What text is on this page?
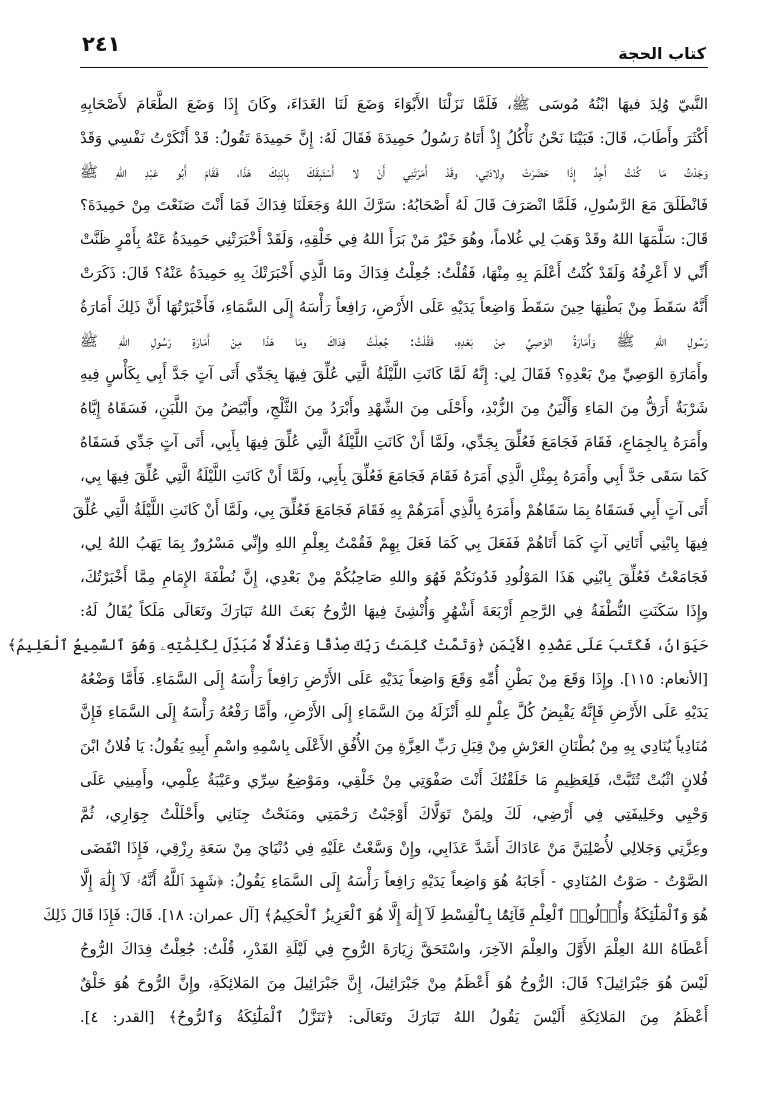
٢٤١	كتاب الحجة
النَّبيّ وُلِدَ فيهَا ابْنُهُ مُوسَى ﷺ، فَلَمَّا نَزَلْنَا الأَبْوَاءَ وَضَعَ لَنَا الغَدَاءَ، وكَانَ إِذَا وَضَعَ الطَّعَامَ لأَصْحَابِهِ
أَكْثَرَ وأَطَابَ، قَالَ: فَبَيْنَا نَحْنُ نَأْكُلُ إِذْ أَتَاهُ رَسُولُ حَمِيدَةَ فَقَالَ لَهُ: إِنَّ حَمِيدَةَ تَقُولُ: قَدْ أَنْكَرْتُ نَفْسِي وَقَدْ
وَجَدْتُ مَا كُنْتُ أَجِدُ إِذَا حَضَرَتْ وِلادَتِي، وقَدْ أَمَرْتَنِي أَنْ لا أَسْتَبِقَكَ بِابْنِكَ هَذَا، فَقَامَ أَبُو عَبْدِ اللهِ ﷺ
فَانْطَلَقَ مَعَ الرَّسُولِ، فَلَمَّا انْصَرَفَ قَالَ لَهُ أَصْحَابُهُ: سَرَّكَ اللهُ وَجَعَلَنَا فِدَاكَ فَمَا أَنْتَ صَنَعْتَ مِنْ حَمِيدَةَ؟
قَالَ: سَلَّمَهَا اللهُ وقَدْ وَهَبَ لِي غُلاماً، وهُوَ خَيْرُ مَنْ بَرَأَ اللهُ فِي خَلْقِهِ، وَلَقَدْ أَخْبَرَتْنِي حَمِيدَةُ عَنْهُ بِأَمْرٍ ظَنَّتْ
أَنِّي لا أَعْرِفُهُ وَلَقَدْ كُنْتُ أَعْلَمَ بِهِ مِنْهَا، فَقُلْتُ: جُعِلْتُ فِدَاكَ ومَا الَّذِي أَخْبَرَتْكَ بِهِ حَمِيدَةُ عَنْهُ؟ قَالَ: ذَكَرَتْ
أَنَّهُ سَقَطَ مِنْ بَطْنِهَا حِينَ سَقَطَ وَاضِعاً يَدَيْهِ عَلَى الأَرْضِ، رَافِعاً رَأْسَهُ إِلَى السَّمَاءِ، فَأَخْبَرْتُهَا أَنَّ ذَلِكَ أَمَارَةُ
رَسُولِ اللهِ ﷺ وَأَمَارَةُ الوَصِيِّ مِنْ بَعْدِهِ، فَقُلْتُ: جُعِلْتُ فِدَاكَ ومَا هَذَا مِنْ أَمَارَةِ رَسُولِ اللهِ ﷺ
وأَمَارَةِ الوَصِيِّ مِنْ بَعْدِهِ؟ فَقَالَ لِي: إِنَّهُ لَمَّا كَانَتِ اللَّيْلَةُ الَّتِي عُلِّقَ فِيهَا بِجَدِّي أَتَى آتٍ جَدَّ أَبِي بِكَأْسٍ فِيهِ
شَرْبَةٌ أَرَقُّ مِنَ المَاءِ وَأَلْيَنُ مِنَ الزُّبْدِ، وأَحْلَى مِنَ الشَّهْدِ وأَبْرَدُ مِنَ الثَّلْجِ، وأَبْيَضُ مِنَ اللَّبَنِ، فَسَقَاهُ إِيَّاهُ
وأَمَرَهُ بِالجِمَاعِ، فَقَامَ فَجَامَعَ فَعُلِّقَ بِجَدِّي، ولَمَّا أَنْ كَانَتِ اللَّيْلَةُ الَّتِي عُلِّقَ فِيهَا بِأَبِي، أَتَى آتٍ جَدِّي فَسَقَاهُ
كَمَا سَقَى جَدَّ أَبِي وأَمَرَهُ بِمِثْلِ الَّذِي أَمَرَهُ فَقَامَ فَجَامَعَ فَعُلِّقَ بِأَبِي، ولَمَّا أَنْ كَانَتِ اللَّيْلَةُ الَّتِي عُلِّقَ فِيهَا بِي،
أَتَى آتٍ أَبِي فَسَقَاهُ بِمَا سَقَاهُمْ وأَمَرَهُ بِالَّذِي أَمَرَهُمْ بِهِ فَقَامَ فَجَامَعَ فَعُلِّقَ بِي، ولَمَّا أَنْ كَانَتِ اللَّيْلَةُ الَّتِي عُلِّقَ
فِيهَا بِابْنِي أَتَانِي آتٍ كَمَا أَتَاهُمْ فَفَعَلَ بِي كَمَا فَعَلَ بِهِمْ فَقُمْتُ بِعِلْمِ اللهِ وإِنِّي مَسْرُورٌ بِمَا يَهَبُ اللهُ لِي،
فَجَامَعْتُ فَعُلِّقَ بِابْنِي هَذَا المَوْلُودِ فَدُونَكُمْ فَهُوَ واللهِ صَاحِبُكُمْ مِنْ بَعْدِي، إِنَّ نُطْفَةَ الإِمَامِ مِمَّا أَخْبَرْتُكَ،
وإِذَا سَكَنَتِ النُّطْفَةُ فِي الرَّحِمِ أَرْبَعَةَ أَشْهُرٍ وَأُنْشِئَ فِيهَا الرُّوحُ بَعَثَ اللهُ تَبَارَكَ وتَعَالَى مَلَكاً يُقَالُ لَهُ:
حَيَوَانُ، فَكَتَبَ عَلَى عَضُدِهِ الأَيْمَنِ ﴿وَتَمَّتْ كَلِمَتُ رَبِّكَ صِدْقًا وَعَدْلًا لَّا مُبَدِّلَ لِكَلِمَٰتِهِۦ وَهُوَ ٱلسَّمِيعُ ٱلْعَلِيمُ﴾
[الأنعام: ١١٥]. وإِذَا وَقَعَ مِنْ بَطْنِ أُمِّهِ وَقَعَ وَاضِعاً يَدَيْهِ عَلَى الأَرْضِ رَافِعاً رَأْسَهُ إِلَى السَّمَاءِ. فَأَمَّا وَضْعُهُ
يَدَيْهِ عَلَى الأَرْضِ فَإِنَّهُ يَقْبِضُ كُلَّ عِلْمٍ للهِ أَنْزَلَهُ مِنَ السَّمَاءِ إِلَى الأَرْضِ، وأَمَّا رَفْعُهُ رَأْسَهُ إِلَى السَّمَاءِ فَإِنَّ
مُنَادِياً يُنَادِي بِهِ مِنْ بُطْنَانِ العَرْشِ مِنْ قِبَلِ رَبِّ العِزَّةِ مِنَ الأُفُقِ الأَعْلَى بِاسْمِهِ واسْمِ أَبِيهِ يَقُولُ: يَا فُلانُ ابْنَ
فُلانٍ اثْبُتْ تُثَبَّتْ، فَلِعَظِيمٍ مَا خَلَقْتُكَ أَنْتَ صَفْوَتِي مِنْ خَلْقِي، ومَوْضِعُ سِرِّي وعَيْبَةُ عِلْمِي، وأَمِينِي عَلَى
وَحْيِي وخَلِيفَتِي فِي أَرْضِي، لَكَ ولِمَنْ تَوَلَّاكَ أَوْجَبْتُ رَحْمَتِي ومَنَحْتُ جِنَانِي وأَحْلَلْتُ جِوَارِي، ثُمَّ
وعِزَّتِي وَجَلالِي لأُصْلِيَنَّ مَنْ عَادَاكَ أَشَدَّ عَذَابِي، وإِنْ وَسَّعْتُ عَلَيْهِ فِي دُنْيَايَ مِنْ سَعَةِ رِزْقِي، فَإِذَا انْقَضَى
الصَّوْتُ - صَوْتُ المُنَادِي - أَجَابَهُ هُوَ وَاضِعاً يَدَيْهِ رَافِعاً رَأْسَهُ إِلَى السَّمَاءِ يَقُولُ: ﴿شَهِدَ ٱللَّهُ أَنَّهُۥ لَآ إِلَٰهَ إِلَّا
هُوَ وَٱلْمَلَٰٓئِكَةُ وَأُو۟لُوا۟ ٱلْعِلْمِ قَآئِمًۢا بِٱلْقِسْطِ لَآ إِلَٰهَ إِلَّا هُوَ ٱلْعَزِيزُ ٱلْحَكِيمُ﴾ [آل عمران: ١٨]. قَالَ: فَإِذَا قَالَ ذَلِكَ
أَعْطَاهُ اللهُ العِلْمَ الأَوَّلَ والعِلْمَ الآخِرَ، واسْتَحَقَّ زِيَارَةَ الرُّوحِ فِي لَيْلَةِ القَدْرِ، قُلْتُ: جُعِلْتُ فِدَاكَ الرُّوحُ
لَيْسَ هُوَ جَبْرَائِيلَ؟ قَالَ: الرُّوحُ هُوَ أَعْظَمُ مِنْ جَبْرَائِيلَ، إِنَّ جَبْرَائِيلَ مِنَ المَلائِكَةِ، وإِنَّ الرُّوحَ هُوَ خَلْقٌ
أَعْظَمُ مِنَ المَلائِكَةِ أَلَيْسَ يَقُولُ اللهُ تَبَارَكَ وتَعَالَى: ﴿تَنَزَّلُ ٱلْمَلَٰٓئِكَةُ وَٱلرُّوحُ﴾ [القدر: ٤].
